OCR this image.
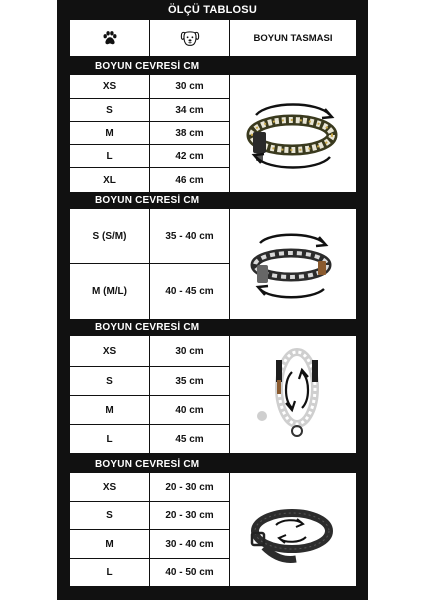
ÖLÇÜ TABLOSU
BOYUN TASMASI
BOYUN CEVRESİ CM
XS	30 cm
S	34 cm
M	38 cm
L	42 cm
XL	46 cm
BOYUN CEVRESİ CM
S (S/M)	35 - 40 cm
M (M/L)	40 - 45 cm
BOYUN CEVRESİ CM
XS	30 cm
S	35 cm
M	40 cm
L	45 cm
BOYUN CEVRESİ CM
XS	20 - 30 cm
S	20 - 30 cm
M	30 - 40 cm
L	40 - 50 cm
